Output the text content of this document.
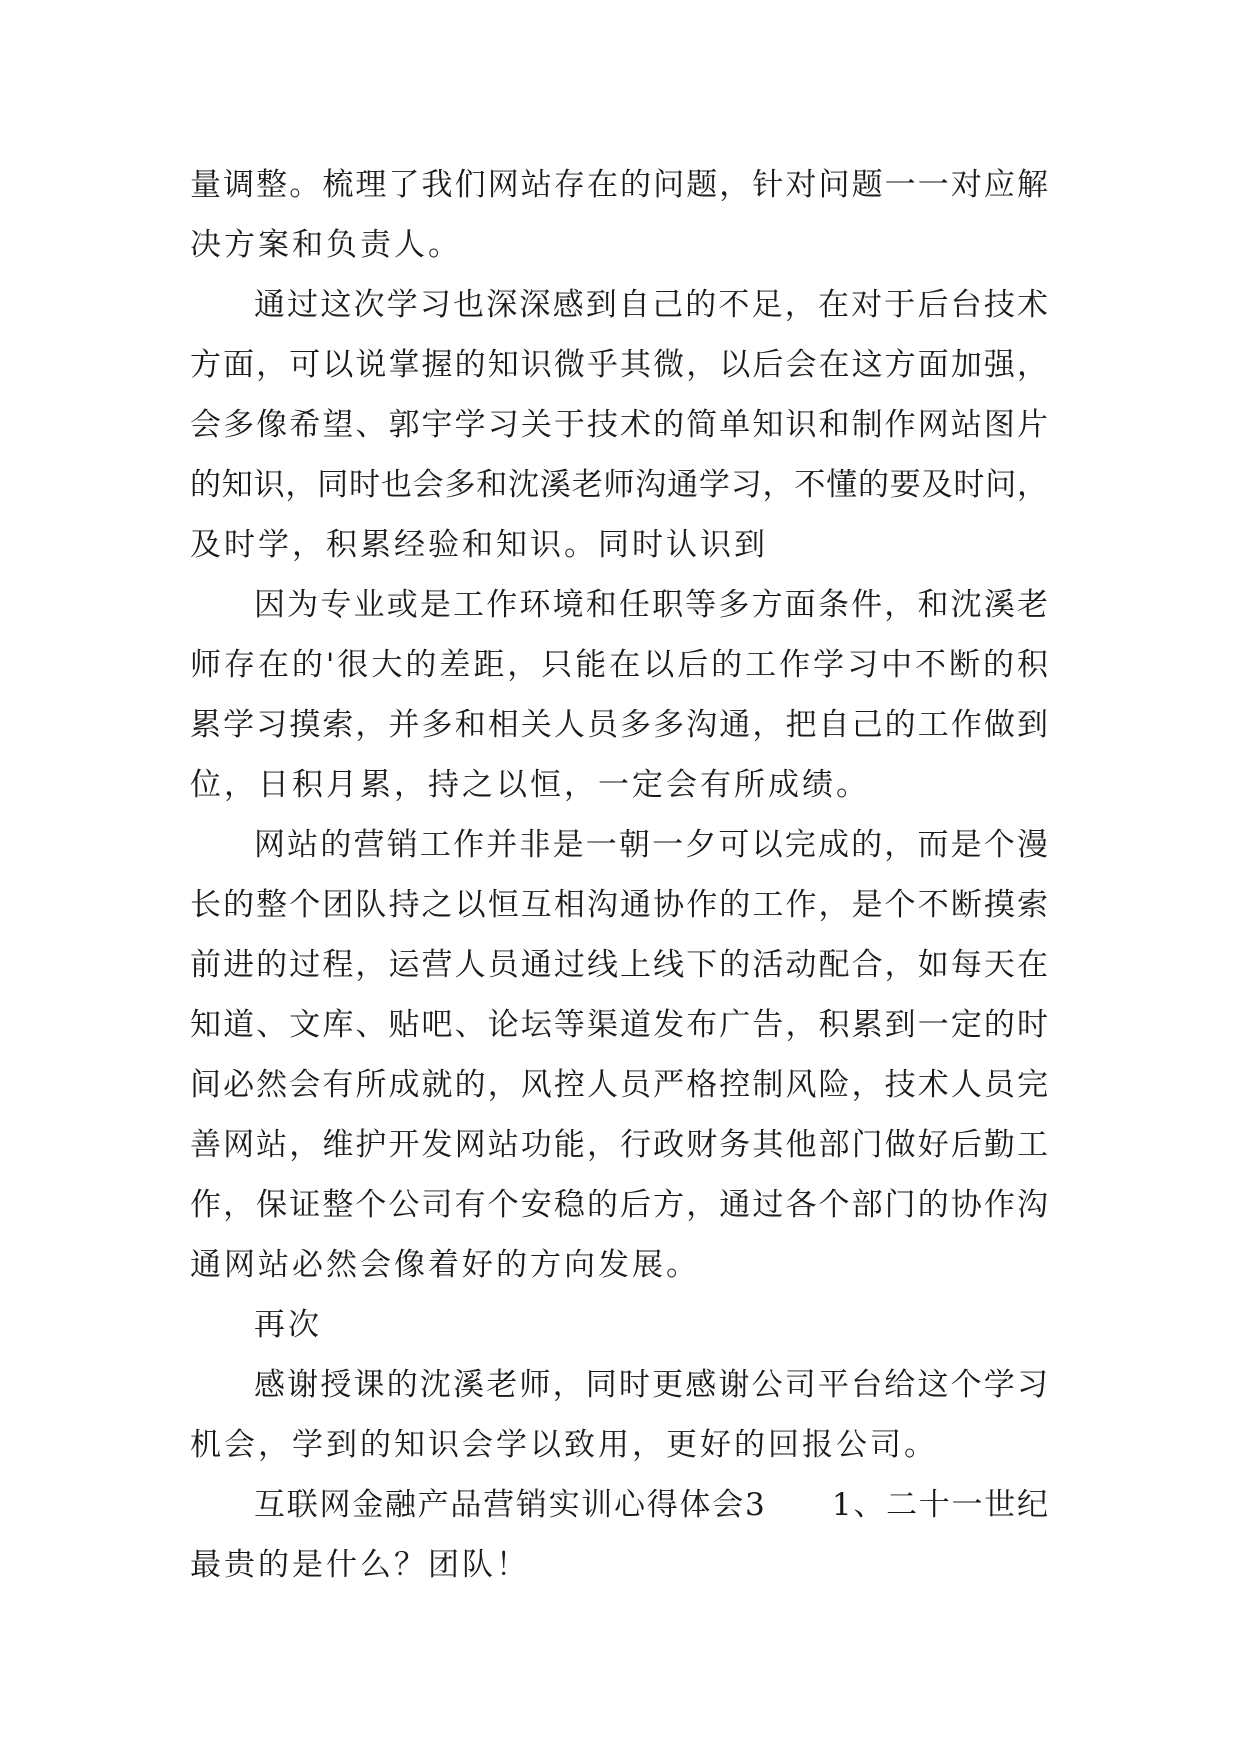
量调整。梳理了我们网站存在的问题，针对问题一一对应解
决方案和负责人。
通过这次学习也深深感到自己的不足，在对于后台技术
方面，可以说掌握的知识微乎其微，以后会在这方面加强，
会多像希望、郭宇学习关于技术的简单知识和制作网站图片
的知识，同时也会多和沈溪老师沟通学习，不懂的要及时问，
及时学，积累经验和知识。同时认识到
因为专业或是工作环境和任职等多方面条件，和沈溪老
师存在的'很大的差距，只能在以后的工作学习中不断的积
累学习摸索，并多和相关人员多多沟通，把自己的工作做到
位，日积月累，持之以恒，一定会有所成绩。
网站的营销工作并非是一朝一夕可以完成的，而是个漫
长的整个团队持之以恒互相沟通协作的工作，是个不断摸索
前进的过程，运营人员通过线上线下的活动配合，如每天在
知道、文库、贴吧、论坛等渠道发布广告，积累到一定的时
间必然会有所成就的，风控人员严格控制风险，技术人员完
善网站，维护开发网站功能，行政财务其他部门做好后勤工
作，保证整个公司有个安稳的后方，通过各个部门的协作沟
通网站必然会像着好的方向发展。
再次
感谢授课的沈溪老师，同时更感谢公司平台给这个学习
机会，学到的知识会学以致用，更好的回报公司。
互联网金融产品营销实训心得体会3　　1、二十一世纪
最贵的是什么？团队！
